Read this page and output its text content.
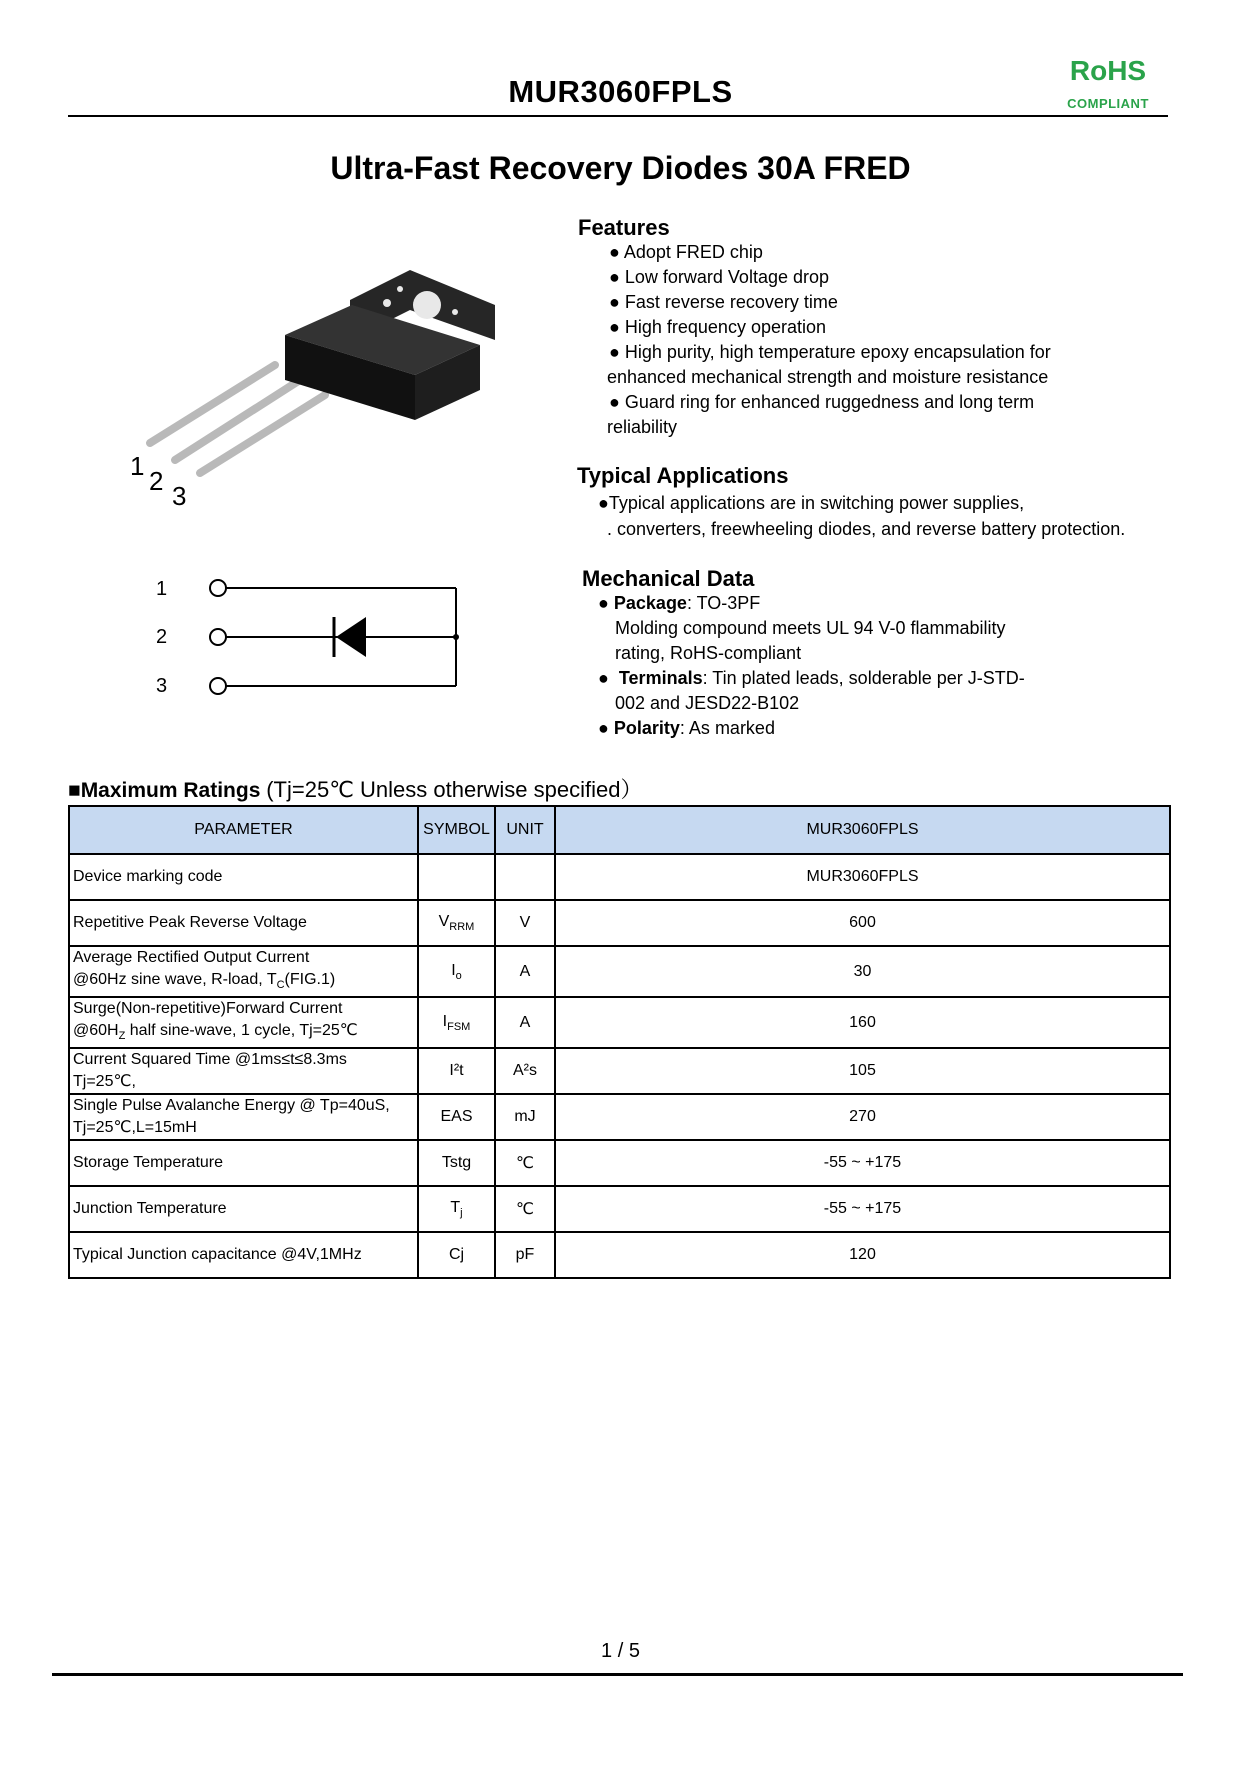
MUR3060FPLS
RoHS
COMPLIANT
Ultra-Fast Recovery Diodes 30A FRED
1 2 3
1
2
3
Features
● Adopt FRED chip
● Low forward Voltage drop
● Fast reverse recovery time
● High frequency operation
● High purity, high temperature epoxy encapsulation for
enhanced mechanical strength and moisture resistance
● Guard ring for enhanced ruggedness and long term
reliability
Typical Applications
●Typical applications are in switching power supplies,
. converters, freewheeling diodes, and reverse battery protection.
Mechanical Data
● Package: TO-3PF
Molding compound meets UL 94 V-0 flammability
rating, RoHS-compliant
● Terminals: Tin plated leads, solderable per J-STD-
002 and JESD22-B102
● Polarity: As marked
■Maximum Ratings (Tj=25℃ Unless otherwise specified）
PARAMETER	SYMBOL	UNIT	MUR3060FPLS
Device marking code			MUR3060FPLS
Repetitive Peak Reverse Voltage	$V_{RRM}$	V	600

Average Rectified Output Current
@60Hz sine wave, R-load, $T_C(FIG.1)$	$I_o$	A	30

Surge(Non-repetitive)Forward Current
$@60H_Z$ half sine-wave, 1 cycle, Tj=25℃	$I_{FSM}$	A	160

Current Squared Time @1ms≤t≤8.3ms
Tj=25℃,	I²t	A²s	105

Single Pulse Avalanche Energy @ Tp=40uS,
Tj=25℃,L=15mH	EAS	mJ	270
Storage Temperature	Tstg	℃	-55 ~ +175
Junction Temperature	$T_j$	℃	-55 ~ +175
Typical Junction capacitance @4V,1MHz	Cj	pF	120
1 / 5
